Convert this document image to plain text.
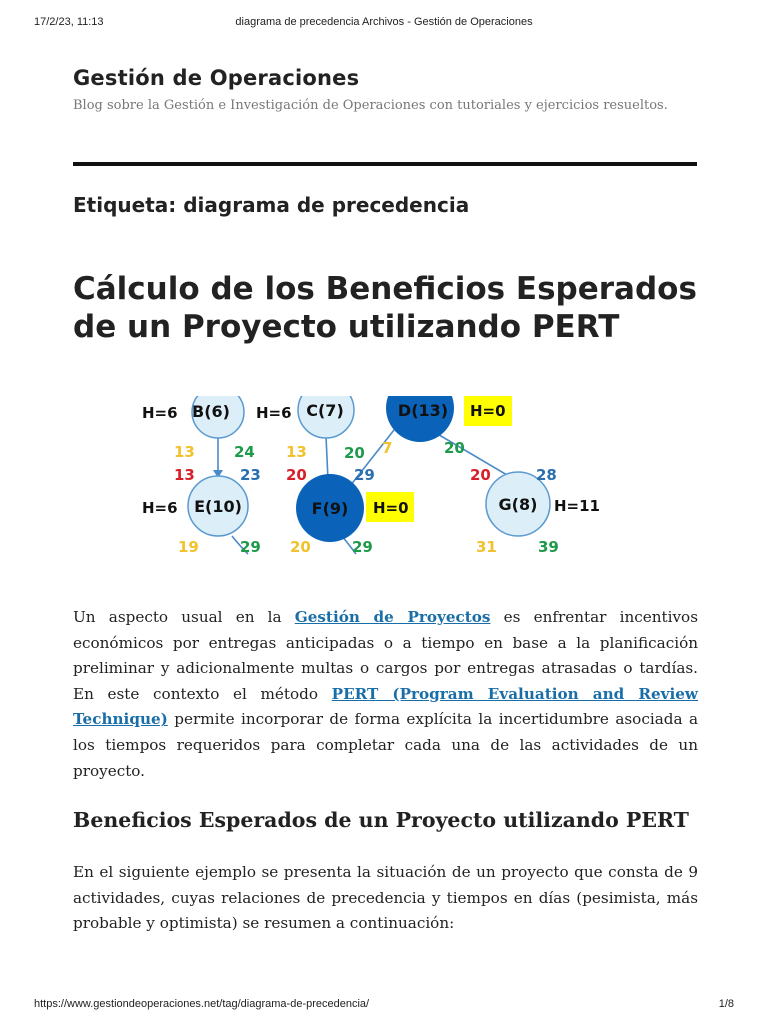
17/2/23, 11:13	diagrama de precedencia Archivos - Gestión de Operaciones
Gestión de Operaciones
Blog sobre la Gestión e Investigación de Operaciones con tutoriales y ejercicios resueltos.
Etiqueta: diagrama de precedencia
Cálculo de los Beneficios Esperados de un Proyecto utilizando PERT
B(6)
H=6
13	24
13	23
C(7)
H=6
13 20
20	29
D(13) H=0
7	20
E(10)
H=6
19	29
F(9) H=0
20	29
G(8) H=11
20	28
31	39

Un aspecto usual en la Gestión de Proyectos es enfrentar incentivos económicos por entregas anticipadas o a tiempo en base a la planificación preliminar y adicionalmente multas o cargos por entregas atrasadas o tardías. En este contexto el método PERT (Program Evaluation and Review Technique) permite incorporar de forma explícita la incertidumbre asociada a los tiempos requeridos para completar cada una de las actividades de un proyecto.

Beneficios Esperados de un Proyecto utilizando PERT

En el siguiente ejemplo se presenta la situación de un proyecto que consta de 9 actividades, cuyas relaciones de precedencia y tiempos en días (pesimista, más probable y optimista) se resumen a continuación:

https://www.gestiondeoperaciones.net/tag/diagrama-de-precedencia/	1/8
